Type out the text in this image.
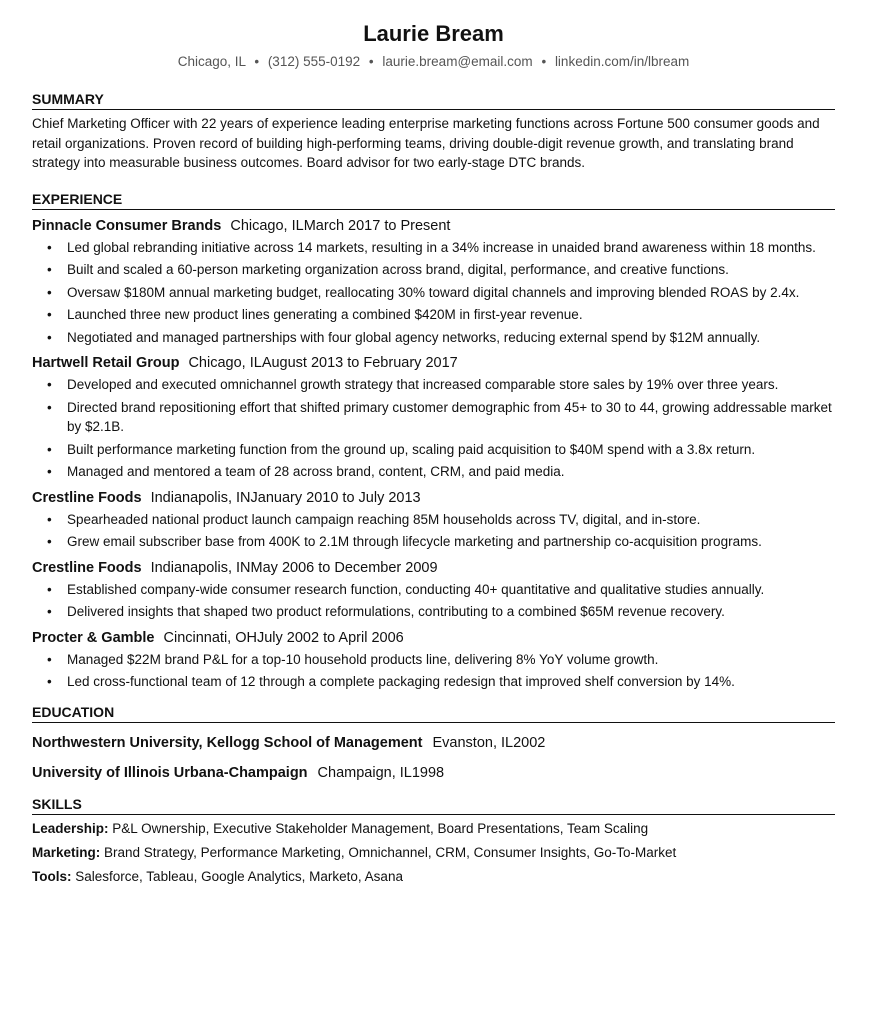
Laurie Bream
Chicago, IL • (312) 555-0192 • laurie.bream@email.com • linkedin.com/in/lbream
SUMMARY
Chief Marketing Officer with 22 years of experience leading enterprise marketing functions across Fortune 500 consumer goods and retail organizations. Proven record of building high-performing teams, driving double-digit revenue growth, and translating brand strategy into measurable business outcomes. Board advisor for two early-stage DTC brands.
EXPERIENCE
Pinnacle Consumer Brands Chicago, ILMarch 2017 to Present
• Led global rebranding initiative across 14 markets, resulting in a 34% increase in unaided brand awareness within 18 months.
• Built and scaled a 60-person marketing organization across brand, digital, performance, and creative functions.
• Oversaw $180M annual marketing budget, reallocating 30% toward digital channels and improving blended ROAS by 2.4x.
• Launched three new product lines generating a combined $420M in first-year revenue.
• Negotiated and managed partnerships with four global agency networks, reducing external spend by $12M annually.
Hartwell Retail Group Chicago, ILAugust 2013 to February 2017
• Developed and executed omnichannel growth strategy that increased comparable store sales by 19% over three years.
• Directed brand repositioning effort that shifted primary customer demographic from 45+ to 30 to 44, growing addressable market by $2.1B.
• Built performance marketing function from the ground up, scaling paid acquisition to $40M spend with a 3.8x return.
• Managed and mentored a team of 28 across brand, content, CRM, and paid media.
Crestline Foods Indianapolis, INJanuary 2010 to July 2013
• Spearheaded national product launch campaign reaching 85M households across TV, digital, and in-store.
• Grew email subscriber base from 400K to 2.1M through lifecycle marketing and partnership co-acquisition programs.
Crestline Foods Indianapolis, INMay 2006 to December 2009
• Established company-wide consumer research function, conducting 40+ quantitative and qualitative studies annually.
• Delivered insights that shaped two product reformulations, contributing to a combined $65M revenue recovery.
Procter & Gamble Cincinnati, OHJuly 2002 to April 2006
• Managed $22M brand P&L for a top-10 household products line, delivering 8% YoY volume growth.
• Led cross-functional team of 12 through a complete packaging redesign that improved shelf conversion by 14%.
EDUCATION
Northwestern University, Kellogg School of Management Evanston, IL2002
University of Illinois Urbana-Champaign Champaign, IL1998
SKILLS
Leadership: P&L Ownership, Executive Stakeholder Management, Board Presentations, Team Scaling
Marketing: Brand Strategy, Performance Marketing, Omnichannel, CRM, Consumer Insights, Go-To-Market
Tools: Salesforce, Tableau, Google Analytics, Marketo, Asana
